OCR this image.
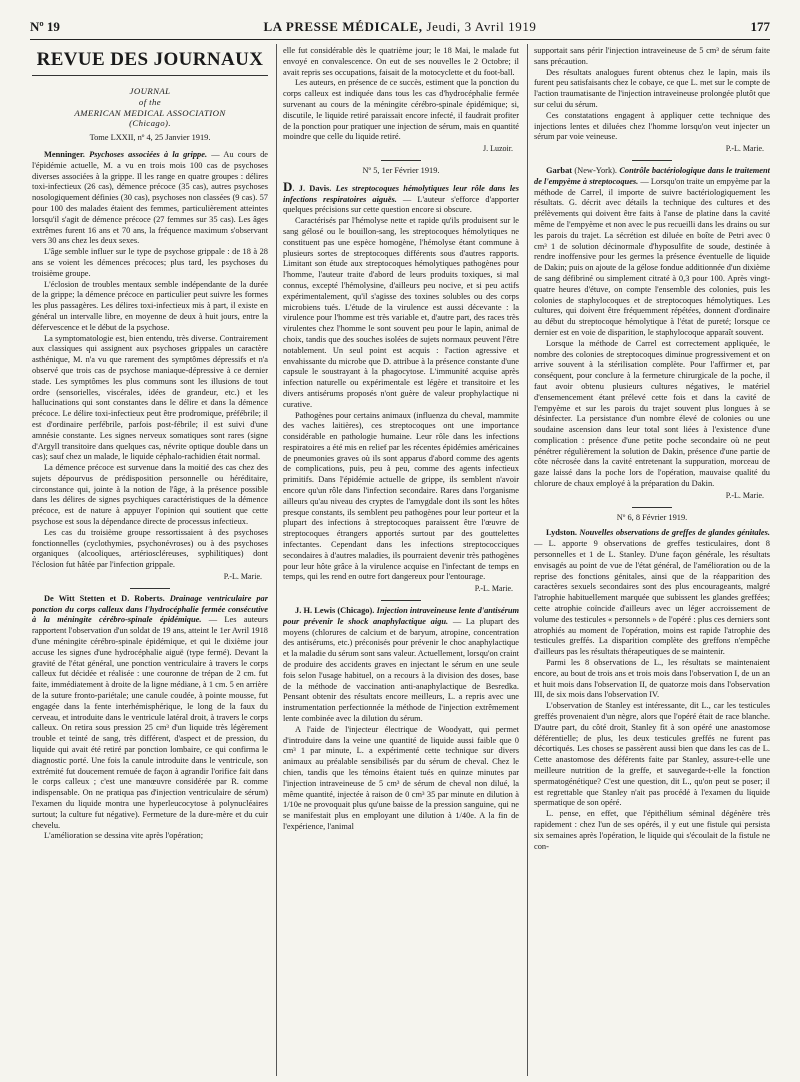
Nº 19	LA PRESSE MÉDICALE, Jeudi, 3 Avril 1919	177
REVUE DES JOURNAUX
JOURNAL
of the
AMERICAN MEDICAL ASSOCIATION
(Chicago).
Tome LXXII, nº 4, 25 Janvier 1919.

Menninger. Psychoses associées à la grippe. — Au cours de l'épidémie actuelle, M. a vu en trois mois 100 cas de psychoses diverses associées à la grippe. Il les range en quatre groupes : délires toxi-infectieux (26 cas), démence précoce (35 cas), autres psychoses nosologiquement définies (30 cas), psychoses non classées (9 cas). 57 pour 100 des malades étaient des femmes, particulièrement atteintes lorsqu'il s'agit de démence précoce (27 femmes sur 35 cas). Les âges extrêmes furent 16 ans et 70 ans, la fréquence maximum s'observant vers 30 ans chez les deux sexes.

L'âge semble influer sur le type de psychose grippale : de 18 à 28 ans se voient les démences précoces; plus tard, les psychoses du troisième groupe.

L'éclosion de troubles mentaux semble indépendante de la durée de la grippe; la démence précoce en particulier peut suivre les formes les plus passagères. Les délires toxi-infectieux mis à part, il existe en général un intervalle libre, en moyenne de deux à huit jours, entre la défervescence et le début de la psychose.

La symptomatologie est, bien entendu, très diverse. Contrairement aux classiques qui assignent aux psychoses grippales un caractère asthénique, M. n'a vu que rarement des symptômes dépressifs et n'a observé que trois cas de psychose maniaque-dépressive à ce dernier stade. Les symptômes les plus communs sont les illusions de tout ordre (sensorielles, viscérales, idées de grandeur, etc.) et les hallucinations qui sont constantes dans le délire et dans la démence précoce. Le délire toxi-infectieux peut être prodromique, préfébrile; il est d'ordinaire perfébrile, parfois post-fébrile; il est suivi d'une amnésie constante. Les signes nerveux somatiques sont rares (signe d'Argyll transitoire dans quelques cas, névrite optique double dans un cas); sauf chez un malade, le liquide céphalo-rachidien était normal.

La démence précoce est survenue dans la moitié des cas chez des sujets dépourvus de prédisposition personnelle ou héréditaire, circonstance qui, jointe à la notion de l'âge, à la présence possible dans les délires de signes psychiques caractéristiques de la démence précoce, est de nature à appuyer l'opinion qui soutient que cette psychose est sous la dépendance directe de processus infectieux.

Les cas du troisième groupe ressortissaient à des psychoses fonctionnelles (cyclothymies, psychonévroses) ou à des psychoses organiques (alcooliques, artérioscléreuses, syphilitiques) dont l'éclosion fut hâtée par l'infection grippale.

P.-L. Marie.

De Witt Stetten et D. Roberts. Drainage ventriculaire par ponction du corps calleux dans l'hydrocéphalie fermée consécutive à la méningite cérébro-spinale épidémique. — Les auteurs rapportent l'observation d'un soldat de 19 ans, atteint le 1er Avril 1918 d'une méningite cérébro-spinale épidémique, et qui le dixième jour accuse les signes d'une hydrocéphalie aiguë (type fermé). Devant la gravité de l'état général, une ponction ventriculaire à travers le corps calleux fut décidée et réalisée : une couronne de trépan de 2 cm. fut faite, immédiatement à droite de la ligne médiane, à 1 cm. 5 en arrière de la suture fronto-pariétale; une canule coudée, à pointe mousse, fut engagée dans la fente interhémisphérique, le long de la faux du cerveau, et introduite dans le ventricule latéral droit, à travers le corps calleux. On retira sous pression 25 cm³ d'un liquide très légèrement trouble et teinté de sang, très différent, d'aspect et de pression, du liquide qui avait été retiré par ponction lombaire, ce qui confirma le diagnostic porté. Une fois la canule introduite dans le ventricule, son extrémité fut doucement remuée de façon à agrandir l'orifice fait dans le corps calleux ; c'est une manœuvre considérée par R. comme indispensable. On ne pratiqua pas d'injection ventriculaire de sérum) l'examen du liquide montra une hyperleucocytose à polynucléaires surtout; la culture fut négative). Fermeture de la dure-mère et du cuir chevelu.

L'amélioration se dessina vite après l'opération;

elle fut considérable dès le quatrième jour; le 18 Mai, le malade fut envoyé en convalescence. On eut de ses nouvelles le 2 Octobre; il avait repris ses occupations, faisait de la motocyclette et du foot-ball.

Les auteurs, en présence de ce succès, estiment que la ponction du corps calleux est indiquée dans tous les cas d'hydrocéphalie fermée survenant au cours de la méningite cérébro-spinale épidémique; si, discutile, le liquide retiré paraissait encore infecté, il faudrait profiter de la ponction pour pratiquer une injection de sérum, mais en quantité moindre que celle du liquide retiré.

J. Luzoir.
Nº 5, 1er Février 1919.

D. J. Davis. Les streptocoques hémolytiques leur rôle dans les infections respiratoires aiguës. — L'auteur s'efforce d'apporter quelques précisions sur cette question encore si obscure.

Caractérisés par l'hémolyse nette et rapide qu'ils produisent sur le sang gélosé ou le bouillon-sang, les streptocoques hémolytiques ne constituent pas une espèce homogène, l'hémolyse étant commune à plusieurs sortes de streptocoques différents sous d'autres rapports. Limitant son étude aux streptocoques hémolytiques pathogènes pour l'homme, l'auteur traite d'abord de leurs produits toxiques, si mal connus, excepté l'hémolysine, d'ailleurs peu nocive, et si peu actifs expérimentalement, qu'il s'agisse des toxines solubles ou des corps microbiens tués. L'étude de la virulence est aussi décevante : la virulence pour l'homme est très variable et, d'autre part, des races très virulentes chez l'homme le sont souvent peu pour le lapin, animal de choix, tandis que des souches isolées de sujets normaux peuvent l'être notablement. Un seul point est acquis : l'action agressive et envahissante du microbe que D. attribue à la présence constante d'une capsule le soustrayant à la phagocytose. L'immunité acquise après infection naturelle ou expérimentale est légère et transitoire et les divers antisérums proposés n'ont guère de valeur prophylactique ni curative.

Pathogènes pour certains animaux (influenza du cheval, mammite des vaches laitières), ces streptocoques ont une importance considérable en pathologie humaine. Leur rôle dans les infections respiratoires a été mis en relief par les récentes épidémies américaines de pneumonies graves où ils sont apparus d'abord comme des agents de complications, puis, peu à peu, comme des agents infectieux primitifs. Dans l'épidémie actuelle de grippe, ils semblent n'avoir encore qu'un rôle dans l'infection secondaire. Rares dans l'organisme ailleurs qu'au niveau des cryptes de l'amygdale dont ils sont les hôtes presque constants, ils semblent peu pathogènes pour leur porteur et la plupart des infections à streptocoques paraissent être l'œuvre de streptocoques étrangers apportés surtout par des gouttelettes infectantes. Cependant dans les infections streptococciques secondaires à d'autres maladies, ils pourraient devenir très pathogènes pour leur hôte grâce à la virulence acquise en l'infectant de temps en temps, qui les rend en outre fort dangereux pour l'entourage.

P.-L. Marie.

J. H. Lewis (Chicago). Injection intraveineuse lente d'antisérum pour prévenir le shock anaphylactique aigu. — La plupart des moyens (chlorures de calcium et de baryum, atropine, concentration des antisérums, etc.) préconisés pour prévenir le choc anaphylactique et la maladie du sérum sont sans valeur. Actuellement, lorsqu'on craint de produire des accidents graves en injectant le sérum en une seule fois selon l'usage habituel, on a recours à la division des doses, base de la méthode de vaccination anti-anaphylactique de Besredka. Pensant obtenir des résultats encore meilleurs, L. a repris avec une instrumentation perfectionnée la méthode de l'injection extrêmement lente combinée avec la dilution du sérum.

A l'aide de l'injecteur électrique de Woodyatt, qui permet d'introduire dans la veine une quantité de liquide aussi faible que 0 cm³ 1 par minute, L. a expérimenté cette technique sur divers animaux au préalable sensibilisés par du sérum de cheval. Chez le chien, tandis que les témoins étaient tués en quinze minutes par l'injection intraveineuse de 5 cm³ de sérum de cheval non dilué, la même quantité, injectée à raison de 0 cm³ 35 par minute en dilution à 1/10e ne provoquait plus qu'une baisse de la pression sanguine, qui ne se manifestait plus en employant une dilution à 1/40e. A la fin de l'expérience, l'animal

supportait sans périr l'injection intraveineuse de 5 cm³ de sérum faite sans précaution.

Des résultats analogues furent obtenus chez le lapin, mais ils furent peu satisfaisants chez le cobaye, ce que L. met sur le compte de l'action traumatisante de l'injection intraveineuse prolongée plutôt que sur celui du sérum.

Ces constatations engagent à appliquer cette technique des injections lentes et diluées chez l'homme lorsqu'on veut injecter un sérum par voie veineuse.

P.-L. Marie.

Garbat (New-York). Contrôle bactériologique dans le traitement de l'empyème à streptocoques. — Lorsqu'on traite un empyème par la méthode de Carrel, il importe de suivre bactériologiquement les résultats. G. décrit avec détails la technique des cultures et des prélèvements qui doivent être faits à l'anse de platine dans la cavité même de l'empyème et non avec le pus recueilli dans les drains ou sur les parois du trajet. La sécrétion est diluée en boîte de Petri avec 0 cm³ 1 de solution décinormale d'hyposulfite de soude, destinée à rendre inoffensive pour les germes la présence éventuelle de liquide de Dakin; puis on ajoute de la gélose fondue additionnée d'un dixième de sang défibriné ou simplement citraté à 0,3 pour 100. Après vingt-quatre heures d'étuve, on compte l'ensemble des colonies, puis les colonies de staphylocoques et de streptocoques hémolytiques. Les cultures, qui doivent être fréquemment répétées, donnent d'ordinaire au début du streptocoque hémolytique à l'état de pureté; lorsque ce dernier est en voie de disparition, le staphylocoque apparaît souvent.

Lorsque la méthode de Carrel est correctement appliquée, le nombre des colonies de streptocoques diminue progressivement et on arrive souvent à la stérilisation complète. Pour l'affirmer et, par conséquent, pour conclure à la fermeture chirurgicale de la poche, il faut avoir obtenu plusieurs cultures négatives, le matériel d'ensemencement étant prélevé cette fois et dans la cavité de l'empyème et sur les parois du trajet souvent plus longues à se désinfecter. La persistance d'un nombre élevé de colonies ou une soudaine ascension dans leur total sont liées à l'existence d'une complication : présence d'une petite poche secondaire où ne peut pénétrer régulièrement la solution de Dakin, présence d'une partie de côte nécrosée dans la cavité entretenant la suppuration, morceau de gaze laissé dans la poche lors de l'opération, mauvaise qualité du chlorure de chaux employé à la préparation du Dakin.

P.-L. Marie.
Nº 6, 8 Février 1919.

Lydston. Nouvelles observations de greffes de glandes génitales. — L. apporte 9 observations de greffes testiculaires, dont 8 personnelles et 1 de L. Stanley. D'une façon générale, les résultats envisagés au point de vue de l'état général, de l'amélioration ou de la reprise des fonctions génitales, ainsi que de la réapparition des caractères sexuels secondaires sont des plus encourageants, malgré l'atrophie habituellement marquée que subissent les glandes greffées; cette atrophie coïncide d'ailleurs avec un léger accroissement de volume des testicules « personnels » de l'opéré : plus ces derniers sont atrophiés au moment de l'opération, moins est rapide l'atrophie des testicules greffés. La disparition complète des greffons n'empêche d'ailleurs pas les résultats thérapeutiques de se maintenir.

Parmi les 8 observations de L., les résultats se maintenaient encore, au bout de trois ans et trois mois dans l'observation I, de un an et huit mois dans l'observation II, de quatorze mois dans l'observation III, de six mois dans l'observation IV.

L'observation de Stanley est intéressante, dit L., car les testicules greffés provenaient d'un nègre, alors que l'opéré était de race blanche. D'autre part, du côté droit, Stanley fit à son opéré une anastomose déférentielle; de plus, les deux testicules greffés ne furent pas décortiqués. Les choses se passèrent aussi bien que dans les cas de L. Cette anastomose des déférents faite par Stanley, assure-t-elle une meilleure nutrition de la greffe, et sauvegarde-t-elle la fonction spermatogénétique? C'est une question, dit L., qu'on peut se poser; il est regrettable que Stanley n'ait pas procédé à l'examen du liquide spermatique de son opéré.

L. pense, en effet, que l'épithélium séminal dégénère très rapidement : chez l'un de ses opérés, il y eut une fistule qui persista six semaines après l'opération, le liquide qui s'écoulait de la fistule ne con-
